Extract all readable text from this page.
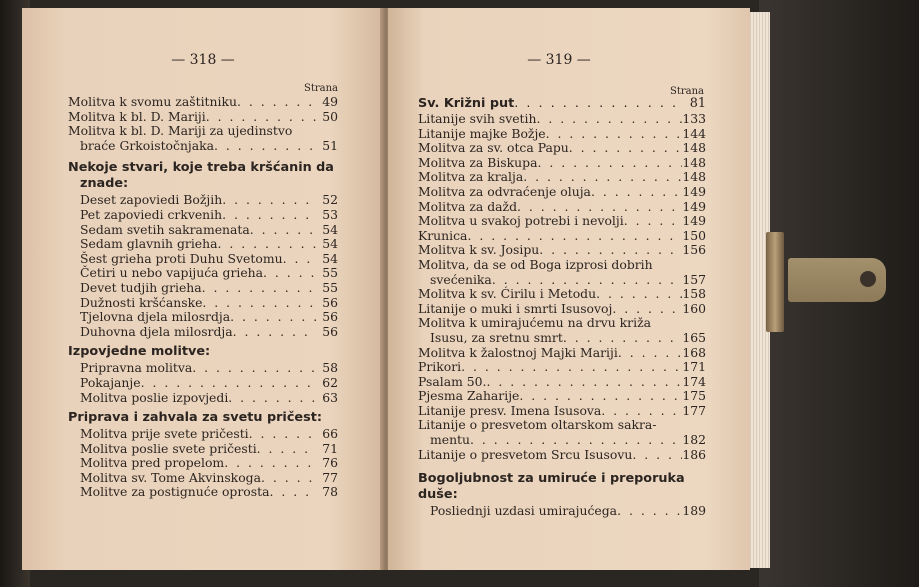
— 318 —
Strana
Molitva k svomu zaštitniku . . .	49
Molitva k bl. D. Mariji . . .	50
Molitva k bl. D. Mariji za ujedinstvo
braće Grkoistočnjaka . . .	51
Nekoje stvari, koje treba kršćanin da
znade:
Deset zapoviedi Božjih . . .	52
Pet zapoviedi crkvenih . . .	53
Sedam svetih sakramenata . . .	54
Sedam glavnih grieha . . .	54
Šest grieha proti Duhu Svetomu . . .	54
Četiri u nebo vapijuća grieha . . .	55
Devet tudjih grieha . . .	55
Dužnosti kršćanske . . .	56
Tjelovna djela milosrdja . . .	56
Duhovna djela milosrdja . . .	56
Izpovjedne molitve:
Pripravna molitva . . .	58
Pokajanje . . .	62
Molitva poslie izpovjedi . . .	63
Priprava i zahvala za svetu pričest:
Molitva prije svete pričesti . . .	66
Molitva poslie svete pričesti . . .	71
Molitva pred propelom . . .	76
Molitva sv. Tome Akvinskoga . . .	77
Molitve za postignuće oprosta . . .	78
— 319 —
Strana
Sv. Križni put . . .	81
Litanije svih svetih . . .	133
Litanije majke Božje . . .	144
Molitva za sv. otca Papu . . .	148
Molitva za Biskupa . . .	148
Molitva za kralja . . .	148
Molitva za odvraćenje oluja . . .	149
Molitva za dažd . . .	149
Molitva u svakoj potrebi i nevolji . . .	149
Krunica . . .	150
Molitva k sv. Josipu . . .	156
Molitva, da se od Boga izprosi dobrih
svećenika . . .	157
Molitva k sv. Ćirilu i Metodu . . .	158
Litanije o muki i smrti Isusovoj . . .	160
Molitva k umirajućemu na drvu križa
Isusu, za sretnu smrt . . .	165
Molitva k žalostnoj Majki Mariji . . .	168
Prikori . . .	171
Psalam 50. . . .	174
Pjesma Zaharije . . .	175
Litanije presv. Imena Isusova . . .	177
Litanije o presvetom oltarskom sakra-
mentu . . .	182
Litanije o presvetom Srcu Isusovu . . .	186
Bogoljubnost za umiruće i preporuka duše:
Posliednji uzdasi umirajućega . . .	189
